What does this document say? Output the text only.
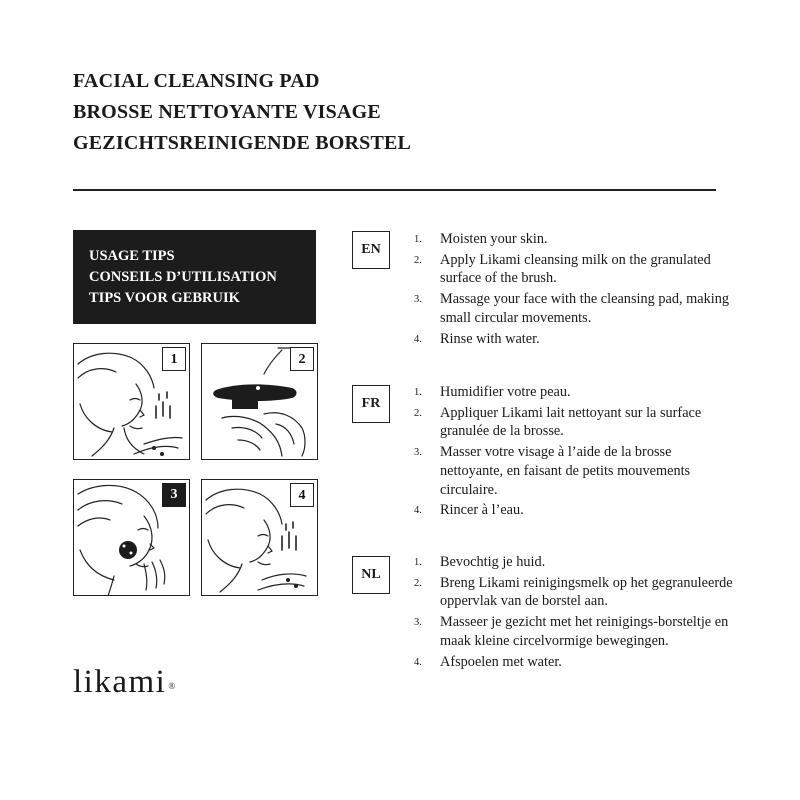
FACIAL CLEANSING PAD
BROSSE NETTOYANTE VISAGE
GEZICHTSREINIGENDE BORSTEL
USAGE TIPS
CONSEILS D’UTILISATION
TIPS VOOR GEBRUIK
1	2
3	4
likami ®
EN
1. Moisten your skin.
2. Apply Likami cleansing milk on the granulated surface of the brush.
3. Massage your face with the cleansing pad, making small circular movements.
4. Rinse with water.
FR
1. Humidifier votre peau.
2. Appliquer Likami lait nettoyant sur la surface granulée de la brosse.
3. Masser votre visage à l’aide de la brosse nettoyante, en faisant de petits mouvements circulaire.
4. Rincer à l’eau.
NL
1. Bevochtig je huid.
2. Breng Likami reinigingsmelk op het gegranuleerde oppervlak van de borstel aan.
3. Masseer je gezicht met het reinigings-borsteltje en maak kleine circelvormige bewegingen.
4. Afspoelen met water.
